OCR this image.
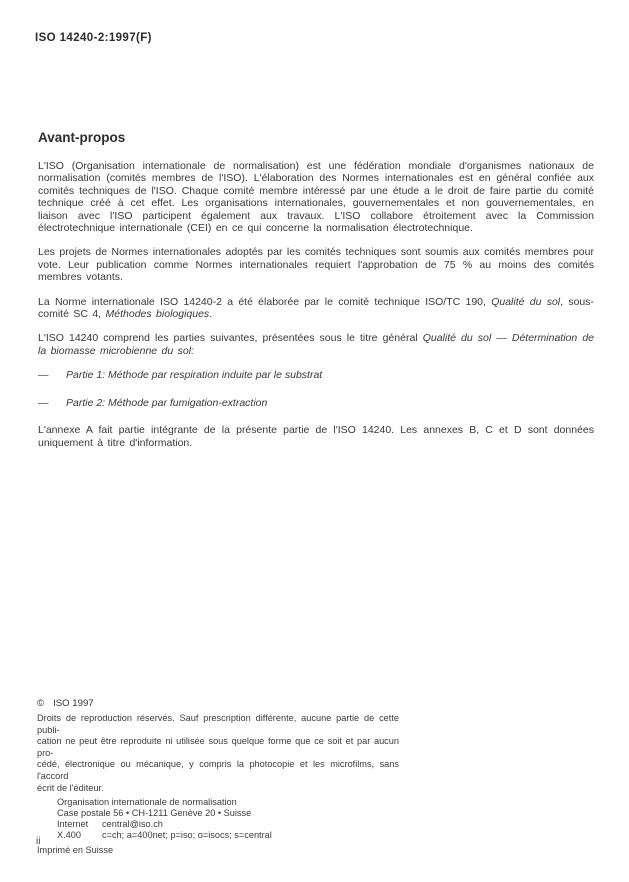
ISO 14240-2:1997(F)
Avant-propos

L'ISO (Organisation internationale de normalisation) est une fédération mondiale d'organismes nationaux de normalisation (comités membres de l'ISO). L'élaboration des Normes internationales est en général confiée aux comités techniques de l'ISO. Chaque comité membre intéressé par une étude a le droit de faire partie du comité technique créé à cet effet. Les organisations internationales, gouvernementales et non gouvernementales, en liaison avec l'ISO participent également aux travaux. L'ISO collabore étroitement avec la Commission électrotechnique internationale (CEI) en ce qui concerne la normalisation électrotechnique.

Les projets de Normes internationales adoptés par les comités techniques sont soumis aux comités membres pour vote. Leur publication comme Normes internationales requiert l'approbation de 75 % au moins des comités membres votants.

La Norme internationale ISO 14240-2 a été élaborée par le comité technique ISO/TC 190, Qualité du sol, sous-comité SC 4, Méthodes biologiques.

L'ISO 14240 comprend les parties suivantes, présentées sous le titre général Qualité du sol — Détermination de la biomasse microbienne du sol:

—	Partie 1: Méthode par respiration induite par le substrat
—	Partie 2: Méthode par fumigation-extraction

L'annexe A fait partie intégrante de la présente partie de l'ISO 14240. Les annexes B, C et D sont données uniquement à titre d'information.

© ISO 1997
Droits de reproduction réservés. Sauf prescription différente, aucune partie de cette publi-
cation ne peut être reproduite ni utilisée sous quelque forme que ce soit et par aucun pro-
cédé, électronique ou mécanique, y compris la photocopie et les microfilms, sans l'accord
écrit de l'éditeur.
Organisation internationale de normalisation
Case postale 56 • CH-1211 Genève 20 • Suisse
Internet	central@iso.ch
X.400	c=ch; a=400net; p=iso; o=isocs; s=central
Imprimé en Suisse
ii
